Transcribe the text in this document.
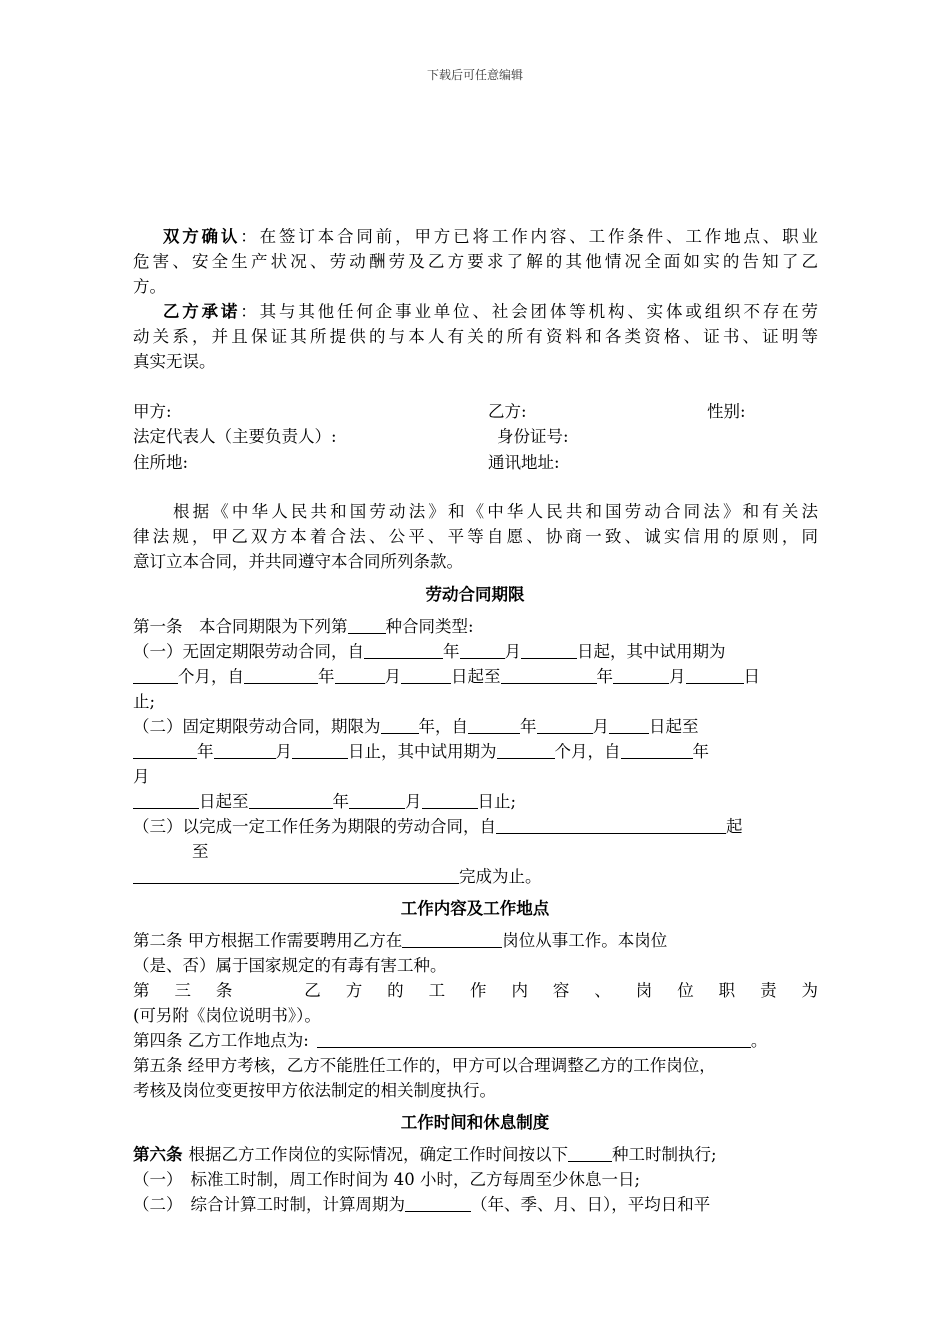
下载后可任意编辑
双方确认：在签订本合同前，甲方已将工作内容、工作条件、工作地点、职业
危害、安全生产状况、劳动酬劳及乙方要求了解的其他情况全面如实的告知了乙
方。
乙方承诺：其与其他任何企事业单位、社会团体等机构、实体或组织不存在劳
动关系，并且保证其所提供的与本人有关的所有资料和各类资格、证书、证明等
真实无误。
甲方:	乙方:	性别:
法定代表人（主要负责人）:	身份证号:
住所地:	通讯地址:
根据《中华人民共和国劳动法》和《中华人民共和国劳动合同法》和有关法
律法规，甲乙双方本着合法、公平、平等自愿、协商一致、诚实信用的原则，同
意订立本合同，并共同遵守本合同所列条款。
劳动合同期限
第一条　本合同期限为下列第 种合同类型:
（一）无固定期限劳动合同，自	年	月	日起，其中试用期为
个月，自	年	月	日起至	年	月	日
止;
（二）固定期限劳动合同，期限为 年，自	年	月 日起至
年	月	日止，其中试用期为	个月，自	年
月
日起至	年	月	日止;
（三）以完成一定工作任务为期限的劳动合同，自	起
至
完成为止。
工作内容及工作地点
第二条 甲方根据工作需要聘用乙方在	岗位从事工作。本岗位
（是、否）属于国家规定的有毒有害工种。
第 三 条	乙 方 的 工 作 内 容 、 岗 位 职 责 为
(可另附《岗位说明书》）。
第四条 乙方工作地点为:	。
第五条 经甲方考核，乙方不能胜任工作的，甲方可以合理调整乙方的工作岗位，
考核及岗位变更按甲方依法制定的相关制度执行。
工作时间和休息制度
第六条 根据乙方工作岗位的实际情况，确定工作时间按以下	种工时制执行;
（一） 标准工时制，周工作时间为 40 小时，乙方每周至少休息一日;
（二） 综合计算工时制，计算周期为	（年、季、月、日），平均日和平
